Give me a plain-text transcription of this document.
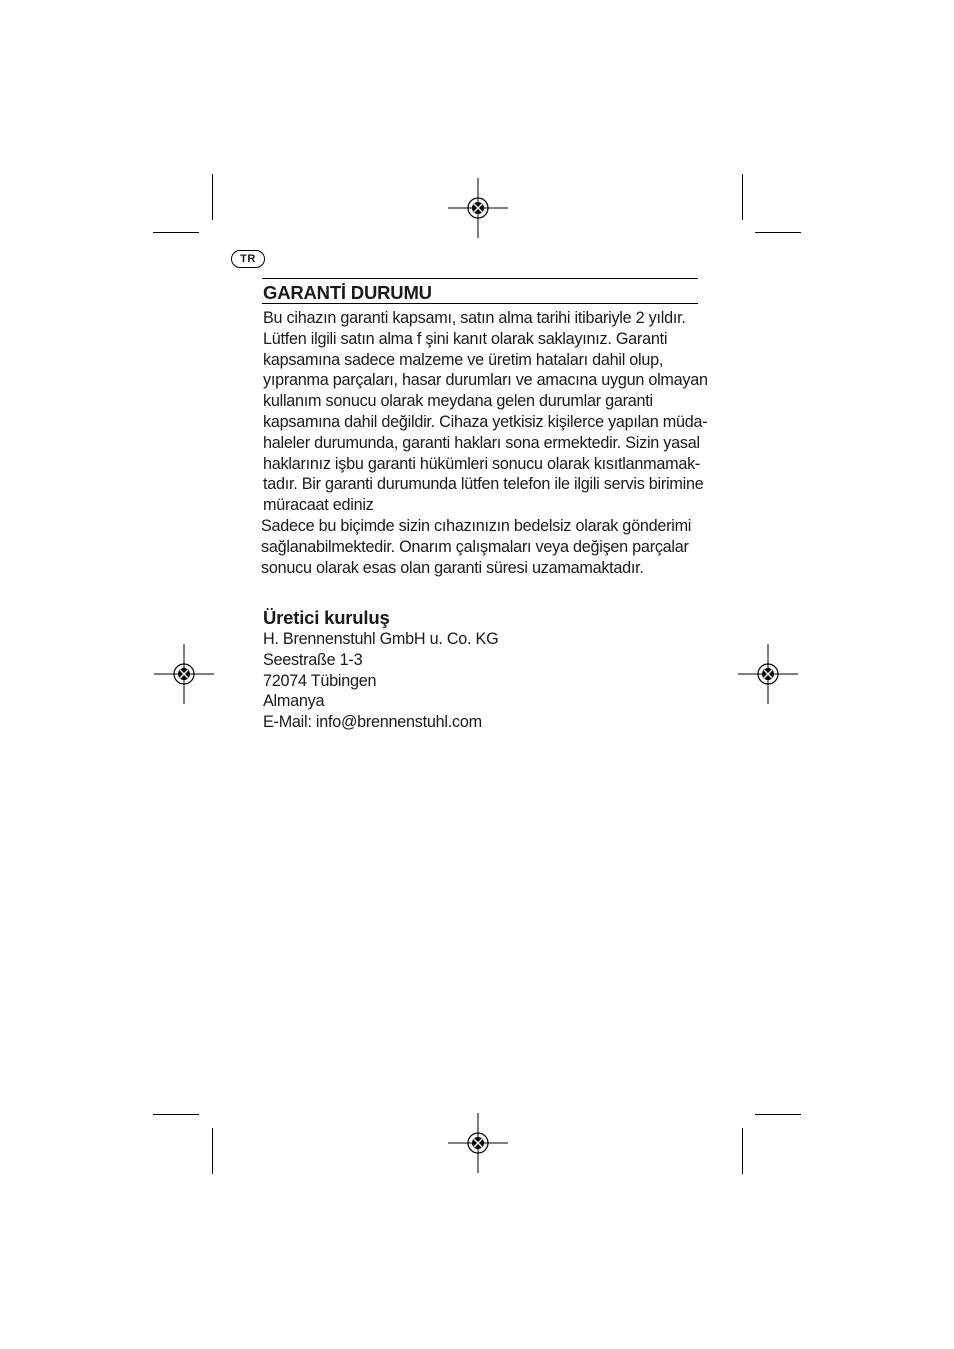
TR
GARANTİ DURUMU
Bu cihazın garanti kapsamı, satın alma tarihi itibariyle 2 yıldır.
Lütfen ilgili satın alma f şini kanıt olarak saklayınız. Garanti
kapsamına sadece malzeme ve üretim hataları dahil olup,
yıpranma parçaları, hasar durumları ve amacına uygun olmayan
kullanım sonucu olarak meydana gelen durumlar garanti
kapsamına dahil değildir. Cihaza yetkisiz kişilerce yapılan müda-
haleler durumunda, garanti hakları sona ermektedir. Sizin yasal
haklarınız işbu garanti hükümleri sonucu olarak kısıtlanmamak-
tadır. Bir garanti durumunda lütfen telefon ile ilgili servis birimine
müracaat ediniz
Sadece bu biçimde sizin cıhazınızın bedelsiz olarak gönderimi
sağlanabilmektedir. Onarım çalışmaları veya değişen parçalar
sonucu olarak esas olan garanti süresi uzamamaktadır.
Üretici kuruluş
H. Brennenstuhl GmbH u. Co. KG
Seestraße 1-3
72074 Tübingen
Almanya
E-Mail: info@brennenstuhl.com
